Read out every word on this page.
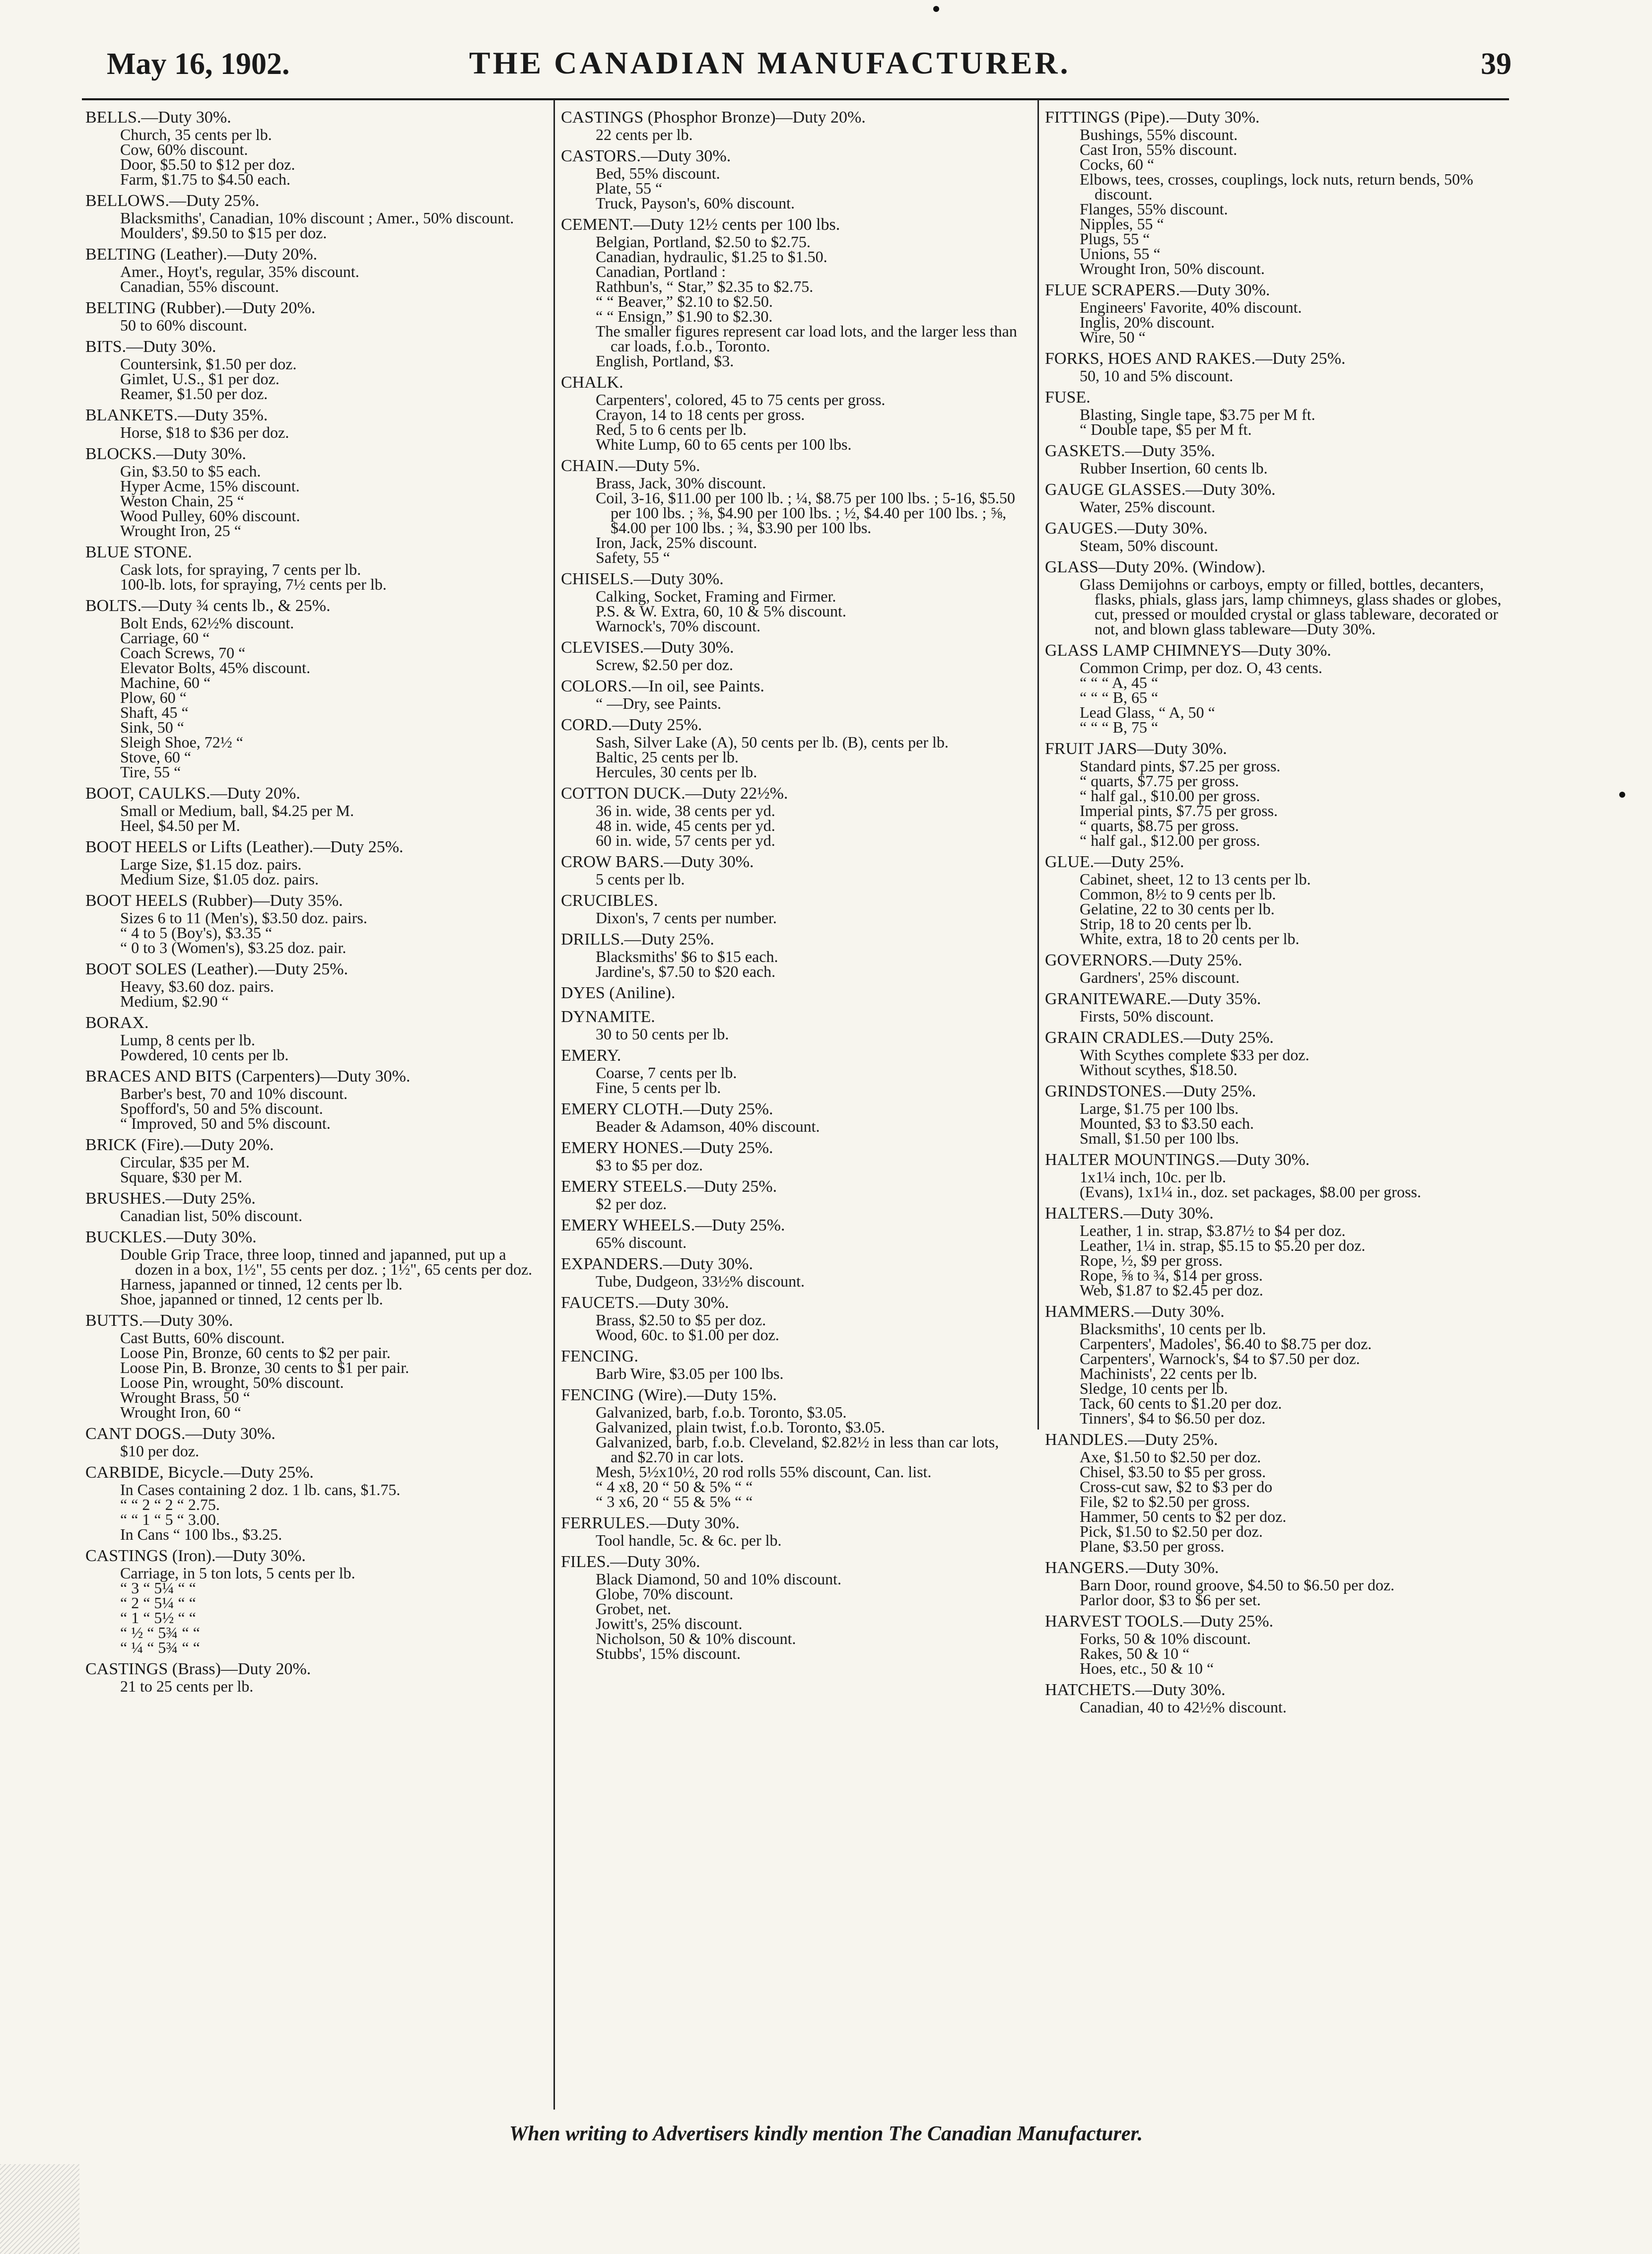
May 16, 1902.	THE CANADIAN MANUFACTURER.	39
BELLS.—Duty 30%.
Church, 35 cents per lb.
Cow, 60% discount.
Door, $5.50 to $12 per doz.
Farm, $1.75 to $4.50 each.
BELLOWS.—Duty 25%.
Blacksmiths', Canadian, 10% discount ; Amer., 50% discount.
Moulders', $9.50 to $15 per doz.
BELTING (Leather).—Duty 20%.
Amer., Hoyt's, regular, 35% discount.
Canadian, 55% discount.
BELTING (Rubber).—Duty 20%.
50 to 60% discount.
BITS.—Duty 30%.
Countersink, $1.50 per doz.
Gimlet, U.S., $1 per doz.
Reamer, $1.50 per doz.
BLANKETS.—Duty 35%.
Horse, $18 to $36 per doz.
BLOCKS.—Duty 30%.
Gin, $3.50 to $5 each.
Hyper Acme, 15% discount.
Weston Chain, 25 “
Wood Pulley, 60% discount.
Wrought Iron, 25 “
BLUE STONE.
Cask lots, for spraying, 7 cents per lb.
100-lb. lots, for spraying, 7½ cents per lb.
BOLTS.—Duty ¾ cents lb., & 25%.
Bolt Ends, 62½% discount.
Carriage, 60 “
Coach Screws, 70 “
Elevator Bolts, 45% discount.
Machine, 60 “
Plow, 60 “
Shaft, 45 “
Sink, 50 “
Sleigh Shoe, 72½ “
Stove, 60 “
Tire, 55 “
BOOT, CAULKS.—Duty 20%.
Small or Medium, ball, $4.25 per M.
Heel, $4.50 per M.
BOOT HEELS or Lifts (Leather).—Duty 25%.
Large Size, $1.15 doz. pairs.
Medium Size, $1.05 doz. pairs.
BOOT HEELS (Rubber)—Duty 35%.
Sizes 6 to 11 (Men's), $3.50 doz. pairs.
“ 4 to 5 (Boy's), $3.35 “
“ 0 to 3 (Women's), $3.25 doz. pair.
BOOT SOLES (Leather).—Duty 25%.
Heavy, $3.60 doz. pairs.
Medium, $2.90 “
BORAX.
Lump, 8 cents per lb.
Powdered, 10 cents per lb.
BRACES AND BITS (Carpenters)—Duty 30%.
Barber's best, 70 and 10% discount.
Spofford's, 50 and 5% discount.
“ Improved, 50 and 5% discount.
BRICK (Fire).—Duty 20%.
Circular, $35 per M.
Square, $30 per M.
BRUSHES.—Duty 25%.
Canadian list, 50% discount.
BUCKLES.—Duty 30%.
Double Grip Trace, three loop, tinned and japanned, put up a dozen in a box, 1½", 55 cents per doz. ; 1½", 65 cents per doz.
Harness, japanned or tinned, 12 cents per lb.
Shoe, japanned or tinned, 12 cents per lb.
BUTTS.—Duty 30%.
Cast Butts, 60% discount.
Loose Pin, Bronze, 60 cents to $2 per pair.
Loose Pin, B. Bronze, 30 cents to $1 per pair.
Loose Pin, wrought, 50% discount.
Wrought Brass, 50 “
Wrought Iron, 60 “
CANT DOGS.—Duty 30%.
$10 per doz.
CARBIDE, Bicycle.—Duty 25%.
In Cases containing 2 doz. 1 lb. cans, $1.75.
“ “ 2 “ 2 “ 2.75.
“ “ 1 “ 5 “ 3.00.
In Cans “ 100 lbs., $3.25.
CASTINGS (Iron).—Duty 30%.
Carriage, in 5 ton lots, 5 cents per lb.
“ 3 “ 5¼ “ “
“ 2 “ 5¼ “ “
“ 1 “ 5½ “ “
“ ½ “ 5¾ “ “
“ ¼ “ 5¾ “ “
CASTINGS (Brass)—Duty 20%.
21 to 25 cents per lb.
CASTINGS (Phosphor Bronze)—Duty 20%.
22 cents per lb.
CASTORS.—Duty 30%.
Bed, 55% discount.
Plate, 55 “
Truck, Payson's, 60% discount.
CEMENT.—Duty 12½ cents per 100 lbs.
Belgian, Portland, $2.50 to $2.75.
Canadian, hydraulic, $1.25 to $1.50.
Canadian, Portland :
Rathbun's, “ Star,” $2.35 to $2.75.
“ “ Beaver,” $2.10 to $2.50.
“ “ Ensign,” $1.90 to $2.30.
The smaller figures represent car load lots, and the larger less than car loads, f.o.b., Toronto.
English, Portland, $3.
CHALK.
Carpenters', colored, 45 to 75 cents per gross.
Crayon, 14 to 18 cents per gross.
Red, 5 to 6 cents per lb.
White Lump, 60 to 65 cents per 100 lbs.
CHAIN.—Duty 5%.
Brass, Jack, 30% discount.
Coil, 3-16, $11.00 per 100 lb. ; ¼, $8.75 per 100 lbs. ; 5-16, $5.50 per 100 lbs. ; ⅜, $4.90 per 100 lbs. ; ½, $4.40 per 100 lbs. ; ⅝, $4.00 per 100 lbs. ; ¾, $3.90 per 100 lbs.
Iron, Jack, 25% discount.
Safety, 55 “
CHISELS.—Duty 30%.
Calking, Socket, Framing and Firmer.
P.S. & W. Extra, 60, 10 & 5% discount.
Warnock's, 70% discount.
CLEVISES.—Duty 30%.
Screw, $2.50 per doz.
COLORS.—In oil, see Paints.
“ —Dry, see Paints.
CORD.—Duty 25%.
Sash, Silver Lake (A), 50 cents per lb. (B), cents per lb.
Baltic, 25 cents per lb.
Hercules, 30 cents per lb.
COTTON DUCK.—Duty 22½%.
36 in. wide, 38 cents per yd.
48 in. wide, 45 cents per yd.
60 in. wide, 57 cents per yd.
CROW BARS.—Duty 30%.
5 cents per lb.
CRUCIBLES.
Dixon's, 7 cents per number.
DRILLS.—Duty 25%.
Blacksmiths' $6 to $15 each.
Jardine's, $7.50 to $20 each.
DYES (Aniline).
DYNAMITE.
30 to 50 cents per lb.
EMERY.
Coarse, 7 cents per lb.
Fine, 5 cents per lb.
EMERY CLOTH.—Duty 25%.
Beader & Adamson, 40% discount.
EMERY HONES.—Duty 25%.
$3 to $5 per doz.
EMERY STEELS.—Duty 25%.
$2 per doz.
EMERY WHEELS.—Duty 25%.
65% discount.
EXPANDERS.—Duty 30%.
Tube, Dudgeon, 33½% discount.
FAUCETS.—Duty 30%.
Brass, $2.50 to $5 per doz.
Wood, 60c. to $1.00 per doz.
FENCING.
Barb Wire, $3.05 per 100 lbs.
FENCING (Wire).—Duty 15%.
Galvanized, barb, f.o.b. Toronto, $3.05.
Galvanized, plain twist, f.o.b. Toronto, $3.05.
Galvanized, barb, f.o.b. Cleveland, $2.82½ in less than car lots, and $2.70 in car lots.
Mesh, 5½x10½, 20 rod rolls 55% discount, Can. list.
“ 4 x8, 20 “ 50 & 5% “ “
“ 3 x6, 20 “ 55 & 5% “ “
FERRULES.—Duty 30%.
Tool handle, 5c. & 6c. per lb.
FILES.—Duty 30%.
Black Diamond, 50 and 10% discount.
Globe, 70% discount.
Grobet, net.
Jowitt's, 25% discount.
Nicholson, 50 & 10% discount.
Stubbs', 15% discount.
FITTINGS (Pipe).—Duty 30%.
Bushings, 55% discount.
Cast Iron, 55% discount.
Cocks, 60 “
Elbows, tees, crosses, couplings, lock nuts, return bends, 50% discount.
Flanges, 55% discount.
Nipples, 55 “
Plugs, 55 “
Unions, 55 “
Wrought Iron, 50% discount.
FLUE SCRAPERS.—Duty 30%.
Engineers' Favorite, 40% discount.
Inglis, 20% discount.
Wire, 50 “
FORKS, HOES AND RAKES.—Duty 25%.
50, 10 and 5% discount.
FUSE.
Blasting, Single tape, $3.75 per M ft.
“ Double tape, $5 per M ft.
GASKETS.—Duty 35%.
Rubber Insertion, 60 cents lb.
GAUGE GLASSES.—Duty 30%.
Water, 25% discount.
GAUGES.—Duty 30%.
Steam, 50% discount.
GLASS—Duty 20%. (Window).
Glass Demijohns or carboys, empty or filled, bottles, decanters, flasks, phials, glass jars, lamp chimneys, glass shades or globes, cut, pressed or moulded crystal or glass tableware, decorated or not, and blown glass tableware—Duty 30%.
GLASS LAMP CHIMNEYS—Duty 30%.
Common Crimp, per doz. O, 43 cents.
“ “ “ A, 45 “
“ “ “ B, 65 “
Lead Glass, “ A, 50 “
“ “ “ B, 75 “
FRUIT JARS—Duty 30%.
Standard pints, $7.25 per gross.
“ quarts, $7.75 per gross.
“ half gal., $10.00 per gross.
Imperial pints, $7.75 per gross.
“ quarts, $8.75 per gross.
“ half gal., $12.00 per gross.
GLUE.—Duty 25%.
Cabinet, sheet, 12 to 13 cents per lb.
Common, 8½ to 9 cents per lb.
Gelatine, 22 to 30 cents per lb.
Strip, 18 to 20 cents per lb.
White, extra, 18 to 20 cents per lb.
GOVERNORS.—Duty 25%.
Gardners', 25% discount.
GRANITEWARE.—Duty 35%.
Firsts, 50% discount.
GRAIN CRADLES.—Duty 25%.
With Scythes complete $33 per doz.
Without scythes, $18.50.
GRINDSTONES.—Duty 25%.
Large, $1.75 per 100 lbs.
Mounted, $3 to $3.50 each.
Small, $1.50 per 100 lbs.
HALTER MOUNTINGS.—Duty 30%.
1x1¼ inch, 10c. per lb.
(Evans), 1x1¼ in., doz. set packages, $8.00 per gross.
HALTERS.—Duty 30%.
Leather, 1 in. strap, $3.87½ to $4 per doz.
Leather, 1¼ in. strap, $5.15 to $5.20 per doz.
Rope, ½, $9 per gross.
Rope, ⅝ to ¾, $14 per gross.
Web, $1.87 to $2.45 per doz.
HAMMERS.—Duty 30%.
Blacksmiths', 10 cents per lb.
Carpenters', Madoles', $6.40 to $8.75 per doz.
Carpenters', Warnock's, $4 to $7.50 per doz.
Machinists', 22 cents per lb.
Sledge, 10 cents per lb.
Tack, 60 cents to $1.20 per doz.
Tinners', $4 to $6.50 per doz.
HANDLES.—Duty 25%.
Axe, $1.50 to $2.50 per doz.
Chisel, $3.50 to $5 per gross.
Cross-cut saw, $2 to $3 per do
File, $2 to $2.50 per gross.
Hammer, 50 cents to $2 per doz.
Pick, $1.50 to $2.50 per doz.
Plane, $3.50 per gross.
HANGERS.—Duty 30%.
Barn Door, round groove, $4.50 to $6.50 per doz.
Parlor door, $3 to $6 per set.
HARVEST TOOLS.—Duty 25%.
Forks, 50 & 10% discount.
Rakes, 50 & 10 “
Hoes, etc., 50 & 10 “
HATCHETS.—Duty 30%.
Canadian, 40 to 42½% discount.
When writing to Advertisers kindly mention The Canadian Manufacturer.
